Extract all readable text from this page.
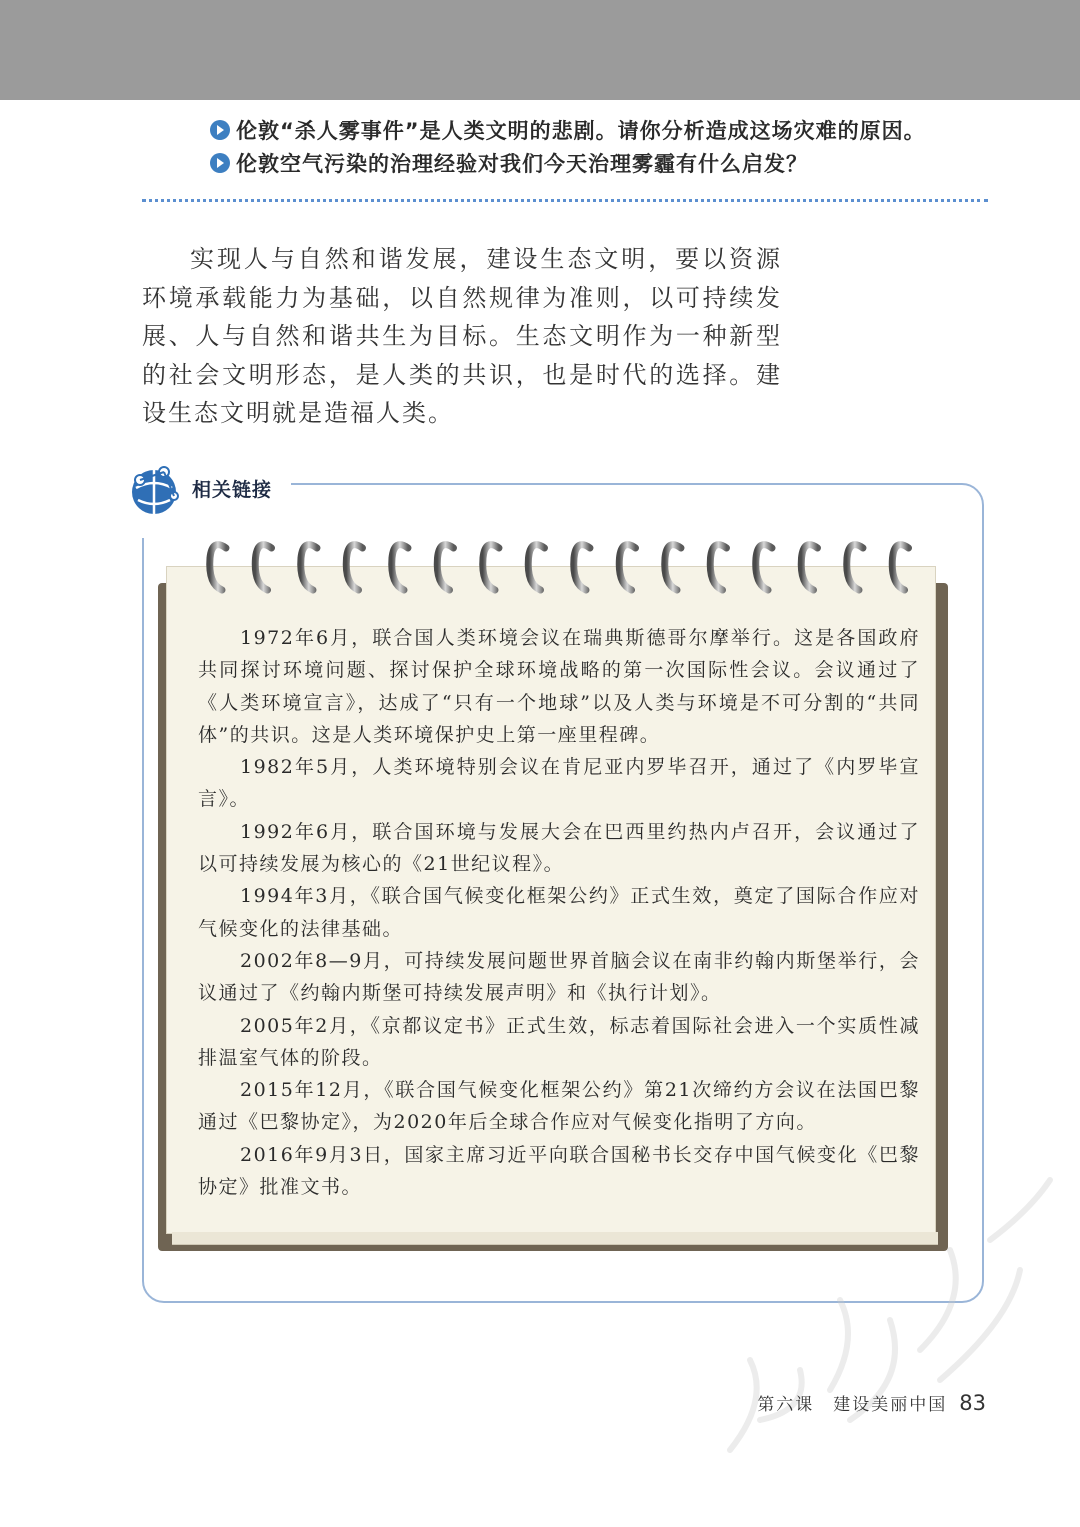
伦敦“杀人雾事件”是人类文明的悲剧。请你分析造成这场灾难的原因。
伦敦空气污染的治理经验对我们今天治理雾霾有什么启发？
实现人与自然和谐发展，建设生态文明，要以资源环境承载能力为基础，以自然规律为准则，以可持续发展、人与自然和谐共生为目标。生态文明作为一种新型的社会文明形态，是人类的共识，也是时代的选择。建设生态文明就是造福人类。
相关链接

1972年6月，联合国人类环境会议在瑞典斯德哥尔摩举行。这是各国政府共同探讨环境问题、探讨保护全球环境战略的第一次国际性会议。会议通过了《人类环境宣言》，达成了“只有一个地球”以及人类与环境是不可分割的“共同体”的共识。这是人类环境保护史上第一座里程碑。

1982年5月，人类环境特别会议在肯尼亚内罗毕召开，通过了《内罗毕宣言》。

1992年6月，联合国环境与发展大会在巴西里约热内卢召开，会议通过了以可持续发展为核心的《21世纪议程》。

1994年3月，《联合国气候变化框架公约》正式生效，奠定了国际合作应对气候变化的法律基础。

2002年8—9月，可持续发展问题世界首脑会议在南非约翰内斯堡举行，会议通过了《约翰内斯堡可持续发展声明》和《执行计划》。

2005年2月，《京都议定书》正式生效，标志着国际社会进入一个实质性减排温室气体的阶段。

2015年12月，《联合国气候变化框架公约》第21次缔约方会议在法国巴黎通过《巴黎协定》，为2020年后全球合作应对气候变化指明了方向。

2016年9月3日，国家主席习近平向联合国秘书长交存中国气候变化《巴黎协定》批准文书。

第六课　建设美丽中国 83
